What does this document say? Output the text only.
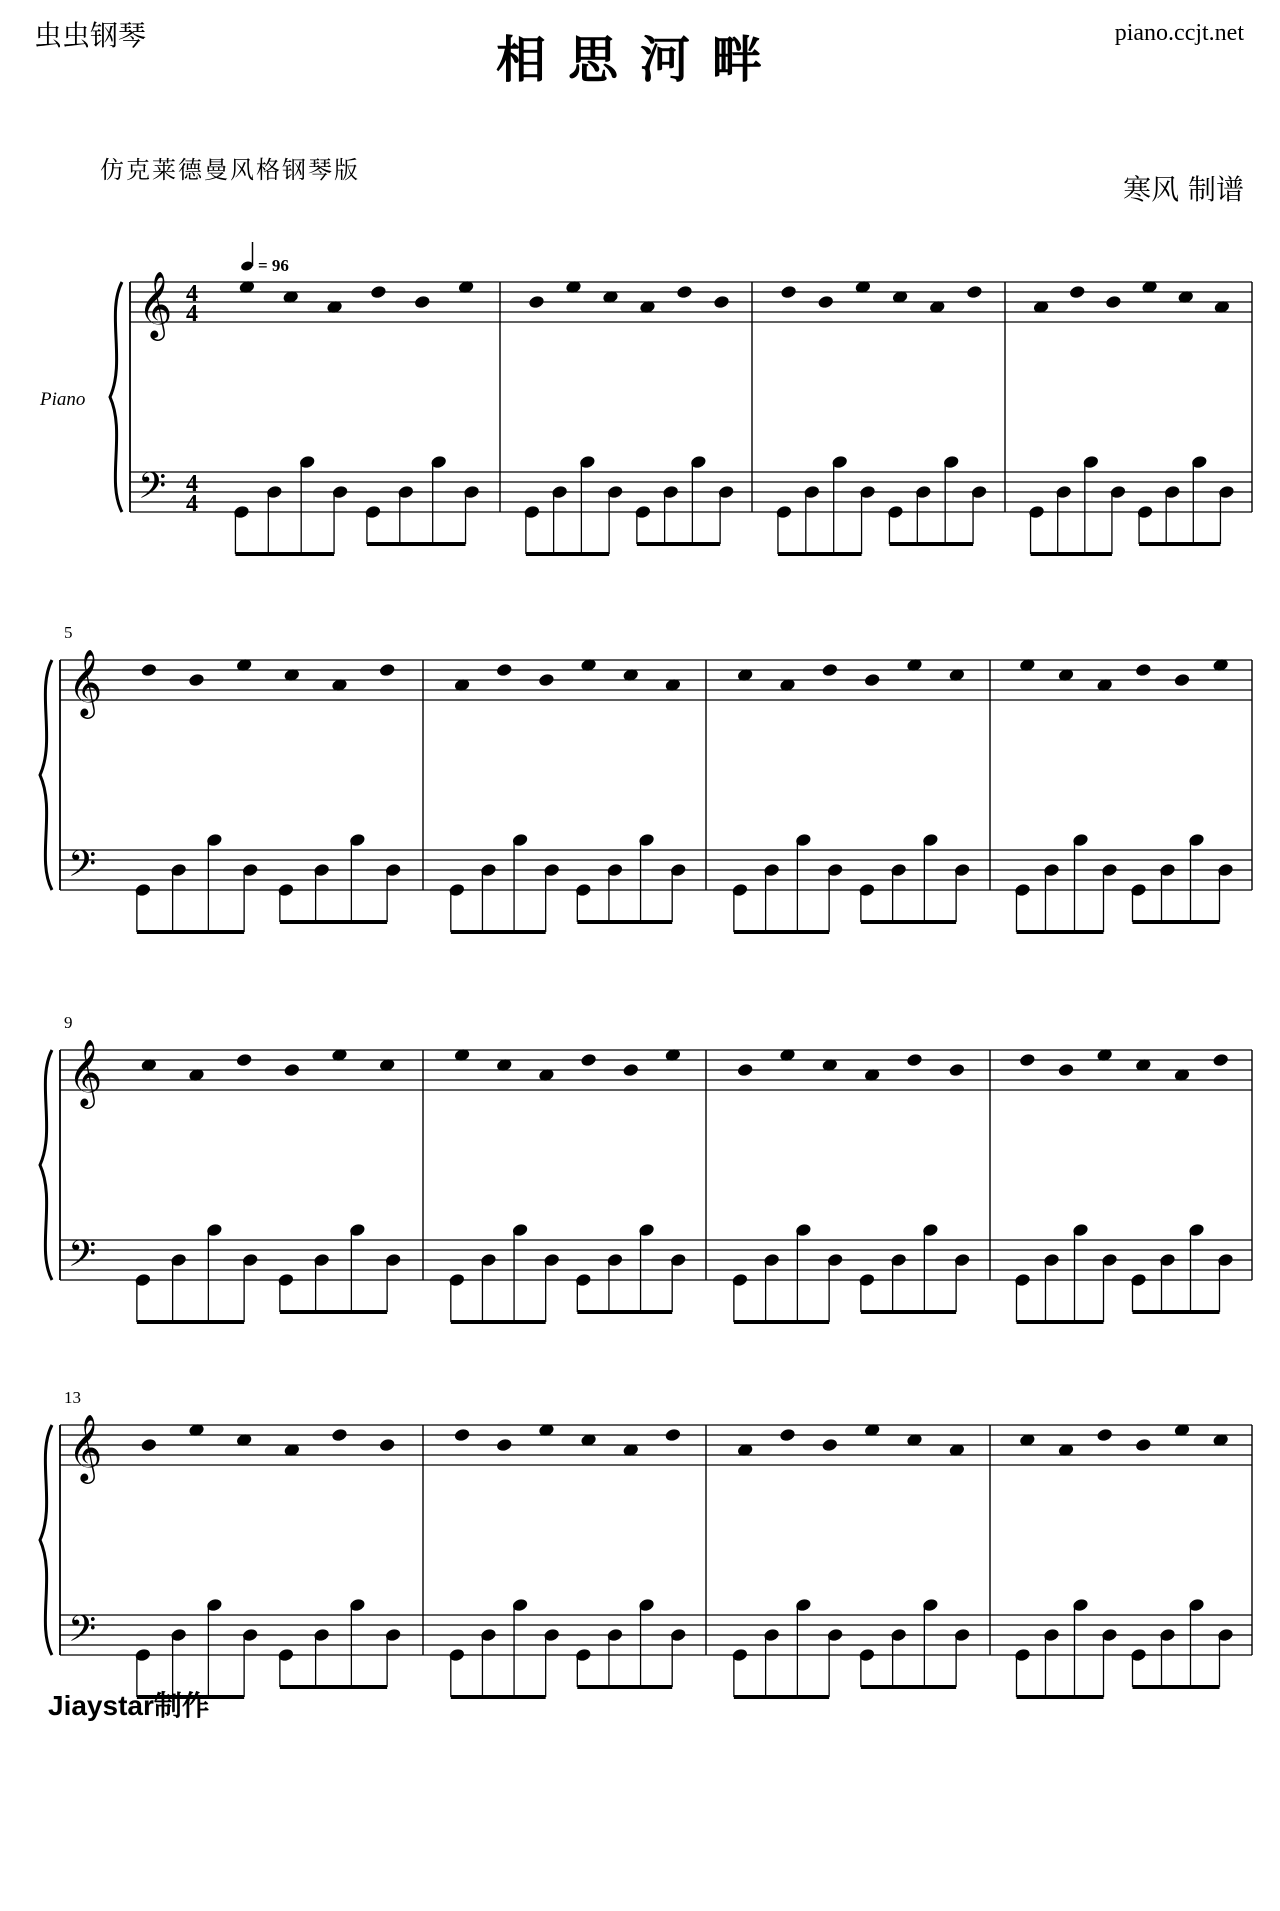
虫虫钢琴	相思河畔	piano.ccjt.net
仿克莱德曼风格钢琴版
寒风 制谱
𝄞
𝄢
4
4
4
4
= 96
Piano
𝄞
𝄢
5
𝄞
𝄢
9
𝄞
𝄢
13
Jiaystar制作
